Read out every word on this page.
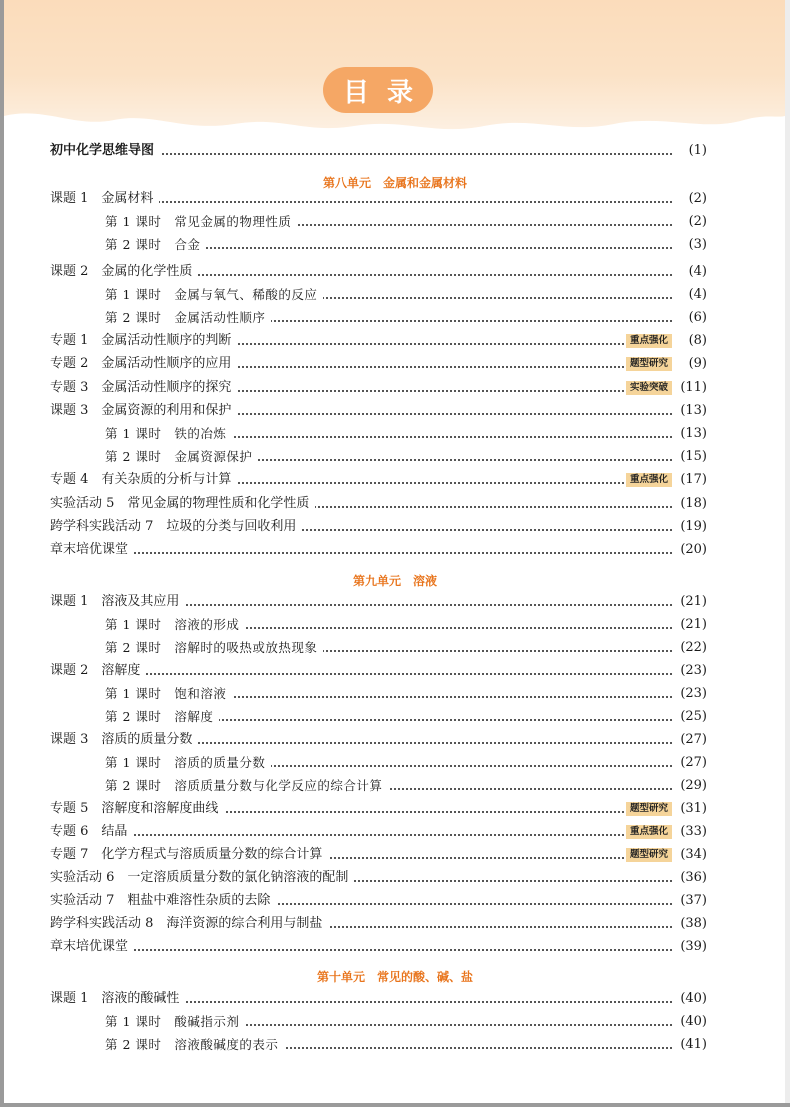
目 录
初中化学思维导图	(1)
第八单元　金属和金属材料
第九单元　溶液
第十单元　常见的酸、碱、盐
课题 1　金属材料	(2)
第 1 课时　常见金属的物理性质	(2)
第 2 课时　合金	(3)
课题 2　金属的化学性质	(4)
第 1 课时　金属与氧气、稀酸的反应	(4)
第 2 课时　金属活动性顺序	(6)
专题 1　金属活动性顺序的判断	重点强化	(8)
专题 2　金属活动性顺序的应用	题型研究	(9)
专题 3　金属活动性顺序的探究	实验突破 (11)
课题 3　金属资源的利用和保护	(13)
第 1 课时　铁的冶炼	(13)
第 2 课时　金属资源保护	(15)
专题 4　有关杂质的分析与计算	重点强化 (17)
实验活动 5　常见金属的物理性质和化学性质	(18)
跨学科实践活动 7　垃圾的分类与回收利用	(19)
章末培优课堂	(20)
课题 1　溶液及其应用	(21)
第 1 课时　溶液的形成	(21)
第 2 课时　溶解时的吸热或放热现象	(22)
课题 2　溶解度	(23)
第 1 课时　饱和溶液	(23)
第 2 课时　溶解度	(25)
课题 3　溶质的质量分数	(27)
第 1 课时　溶质的质量分数	(27)
第 2 课时　溶质质量分数与化学反应的综合计算	(29)
专题 5　溶解度和溶解度曲线	题型研究 (31)
专题 6　结晶	重点强化 (33)
专题 7　化学方程式与溶质质量分数的综合计算	题型研究 (34)
实验活动 6　一定溶质质量分数的氯化钠溶液的配制	(36)
实验活动 7　粗盐中难溶性杂质的去除	(37)
跨学科实践活动 8　海洋资源的综合利用与制盐	(38)
章末培优课堂	(39)
课题 1　溶液的酸碱性	(40)
第 1 课时　酸碱指示剂	(40)
第 2 课时　溶液酸碱度的表示	(41)
